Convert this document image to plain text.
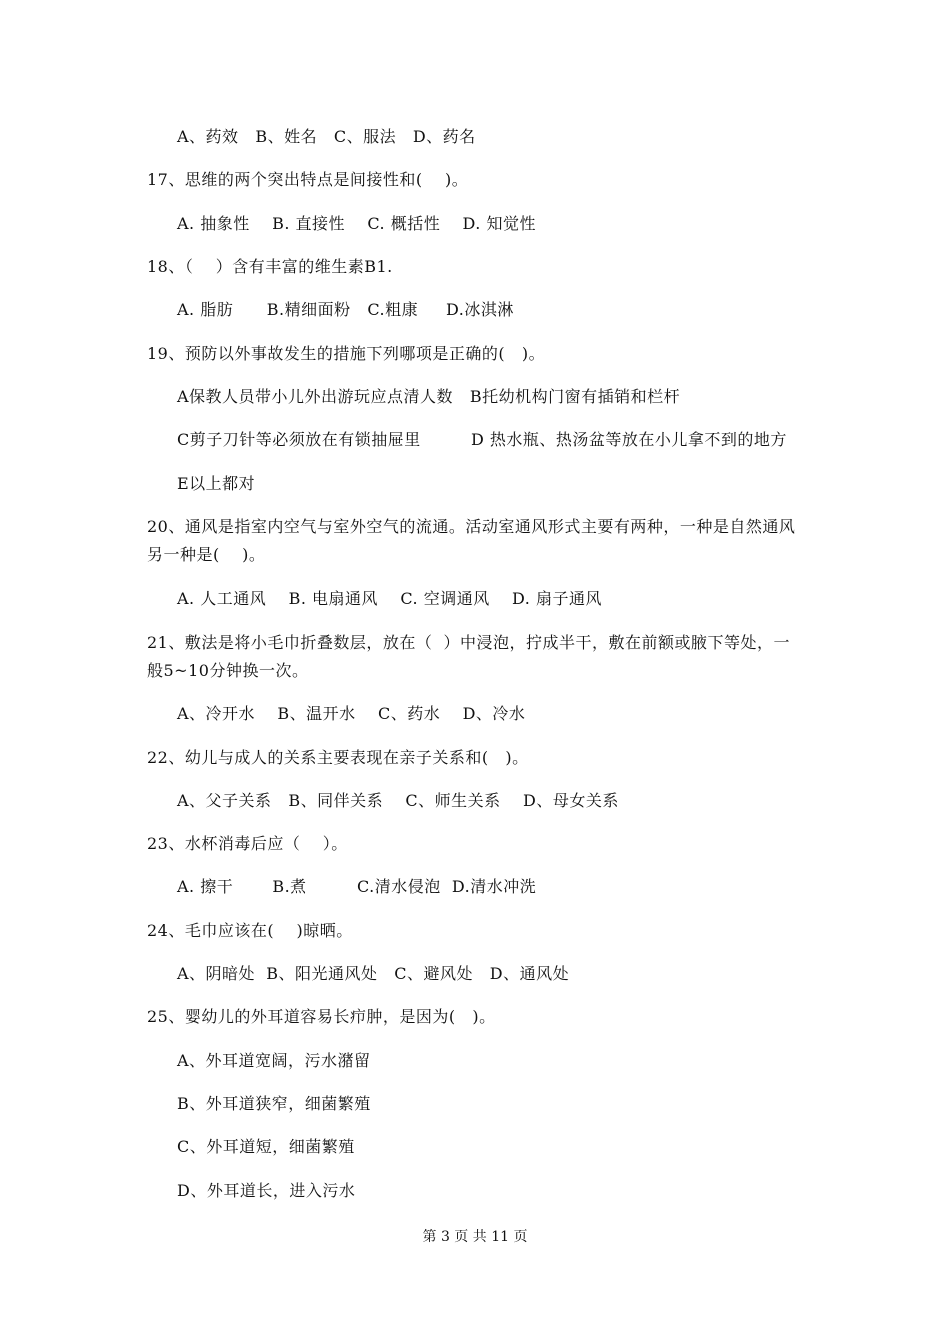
A、药效   B、姓名   C、服法   D、药名
17、思维的两个突出特点是间接性和(    )。
A. 抽象性    B. 直接性    C. 概括性    D. 知觉性
18、（    ）含有丰富的维生素B1.
A. 脂肪      B.精细面粉   C.粗康     D.冰淇淋
19、预防以外事故发生的措施下列哪项是正确的(   )。
A保教人员带小儿外出游玩应点清人数   B托幼机构门窗有插销和栏杆
C剪子刀针等必须放在有锁抽屉里         D 热水瓶、热汤盆等放在小儿拿不到的地方
E以上都对
20、通风是指室内空气与室外空气的流通。活动室通风形式主要有两种，一种是自然通风
另一种是(    )。
A. 人工通风    B. 电扇通风    C. 空调通风    D. 扇子通风
21、敷法是将小毛巾折叠数层，放在（  ）中浸泡，拧成半干，敷在前额或腋下等处，一
般5~10分钟换一次。
A、冷开水    B、温开水    C、药水    D、冷水
22、幼儿与成人的关系主要表现在亲子关系和(   )。
A、父子关系   B、同伴关系    C、师生关系    D、母女关系
23、水杯消毒后应（    ）。
A. 擦干       B.煮         C.清水侵泡  D.清水冲洗
24、毛巾应该在(    )晾晒。
A、阴暗处  B、阳光通风处   C、避风处   D、通风处
25、婴幼儿的外耳道容易长疖肿，是因为(   )。
A、外耳道宽阔，污水潴留
B、外耳道狭窄，细菌繁殖
C、外耳道短，细菌繁殖
D、外耳道长，进入污水
第 3 页 共 11 页
